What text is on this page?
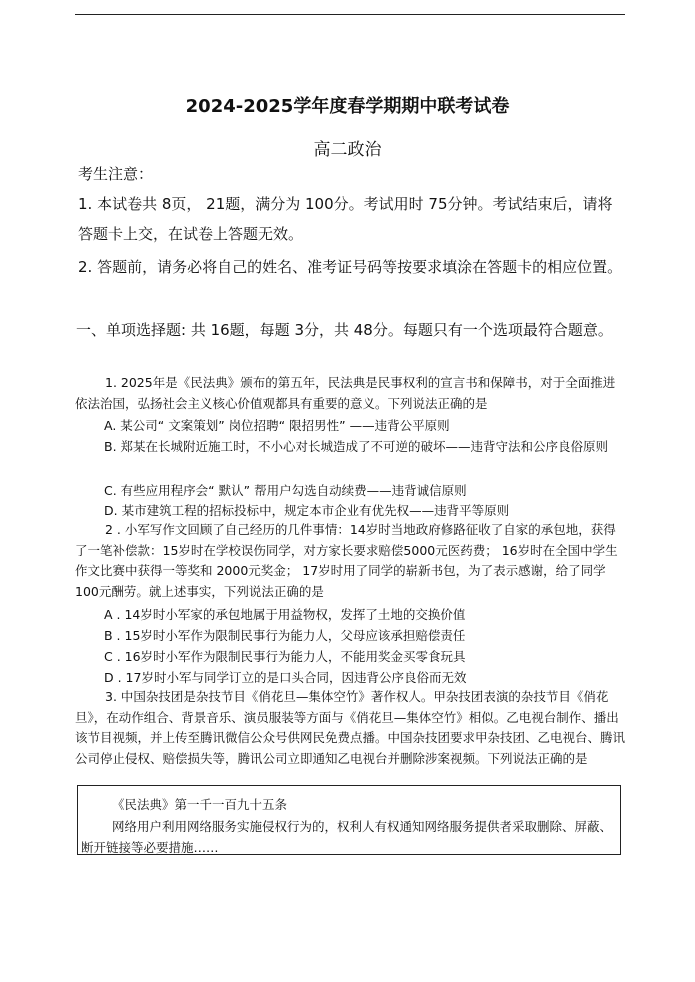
2024-2025学年度春学期期中联考试卷
高二政治
考生注意：
1. 本试卷共 8页， 21题，满分为 100分。考试用时 75分钟。考试结束后，请将答题卡上交，在试卷上答题无效。
2. 答题前，请务必将自己的姓名、准考证号码等按要求填涂在答题卡的相应位置。
一、单项选择题: 共 16题，每题 3分，共 48分。每题只有一个选项最符合题意。
1. 2025年是《民法典》颁布的第五年，民法典是民事权利的宣言书和保障书，对于全面推进依法治国，弘扬社会主义核心价值观都具有重要的意义。下列说法正确的是
A. 某公司“ 文案策划” 岗位招聘“ 限招男性” ——违背公平原则
B. 郑某在长城附近施工时，不小心对长城造成了不可逆的破坏——违背守法和公序良俗原则
C. 有些应用程序会“ 默认” 帮用户勾选自动续费——违背诚信原则
D. 某市建筑工程的招标投标中，规定本市企业有优先权——违背平等原则
2 . 小军写作文回顾了自己经历的几件事情：14岁时当地政府修路征收了自家的承包地，获得了一笔补偿款：15岁时在学校误伤同学，对方家长要求赔偿5000元医药费； 16岁时在全国中学生作文比赛中获得一等奖和 2000元奖金； 17岁时用了同学的崭新书包，为了表示感谢，给了同学 100元酬劳。就上述事实，下列说法正确的是
A . 14岁时小军家的承包地属于用益物权，发挥了土地的交换价值
B . 15岁时小军作为限制民事行为能力人，父母应该承担赔偿责任
C . 16岁时小军作为限制民事行为能力人，不能用奖金买零食玩具
D . 17岁时小军与同学订立的是口头合同，因违背公序良俗而无效
3. 中国杂技团是杂技节目《俏花旦—集体空竹》著作权人。甲杂技团表演的杂技节目《俏花旦》，在动作组合、背景音乐、演员服装等方面与《俏花旦—集体空竹》相似。乙电视台制作、播出该节目视频，并上传至腾讯微信公众号供网民免费点播。中国杂技团要求甲杂技团、乙电视台、腾讯公司停止侵权、赔偿损失等，腾讯公司立即通知乙电视台并删除涉案视频。下列说法正确的是
《民法典》第一千一百九十五条
网络用户利用网络服务实施侵权行为的，权利人有权通知网络服务提供者采取删除、屏蔽、断开链接等必要措施……
